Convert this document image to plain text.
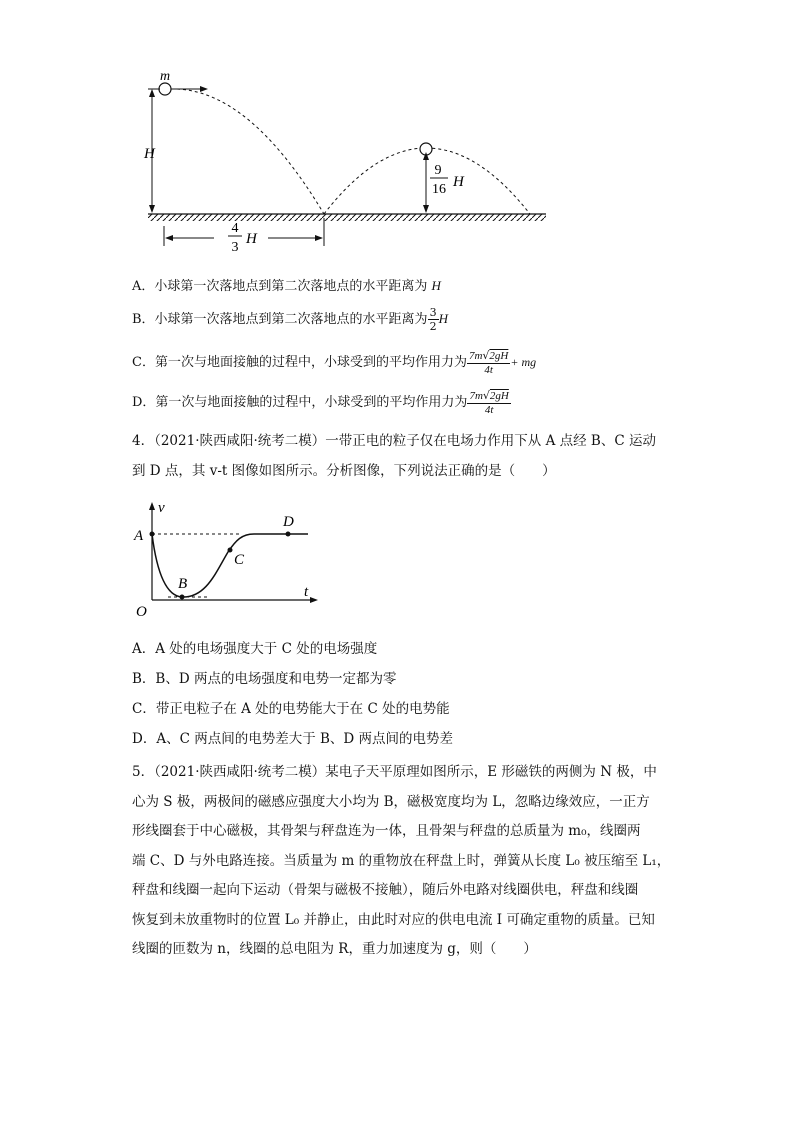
m
H
9
16 H
4
3
H
A．小球第一次落地点到第二次落地点的水平距离为 H
B．小球第一次落地点到第二次落地点的水平距离为 $\frac{3}{2}$ H
C．第一次与地面接触的过程中，小球受到的平均作用力为 $\frac{7m√2gH}{4t}$ + mg
D．第一次与地面接触的过程中，小球受到的平均作用力为 $\frac{7m√2gH}{4t}$

4．（2021·陕西咸阳·统考二模）一带正电的粒子仅在电场力作用下从 A 点经 B、C 运动

到 D 点，其 v-t 图像如图所示。分析图像，下列说法正确的是（　　）

v
t
O
A
B
C
D

A．A 处的电场强度大于 C 处的电场强度

B．B、D 两点的电场强度和电势一定都为零

C．带正电粒子在 A 处的电势能大于在 C 处的电势能

D．A、C 两点间的电势差大于 B、D 两点间的电势差

5．（2021·陕西咸阳·统考二模）某电子天平原理如图所示，E 形磁铁的两侧为 N 极，中

心为 S 极，两极间的磁感应强度大小均为 B，磁极宽度均为 L，忽略边缘效应，一正方

形线圈套于中心磁极，其骨架与秤盘连为一体，且骨架与秤盘的总质量为 m₀，线圈两

端 C、D 与外电路连接。当质量为 m 的重物放在秤盘上时，弹簧从长度 L₀ 被压缩至 L₁，

秤盘和线圈一起向下运动（骨架与磁极不接触），随后外电路对线圈供电，秤盘和线圈

恢复到未放重物时的位置 L₀ 并静止，由此时对应的供电电流 I 可确定重物的质量。已知

线圈的匝数为 n，线圈的总电阻为 R，重力加速度为 g，则（　　）
